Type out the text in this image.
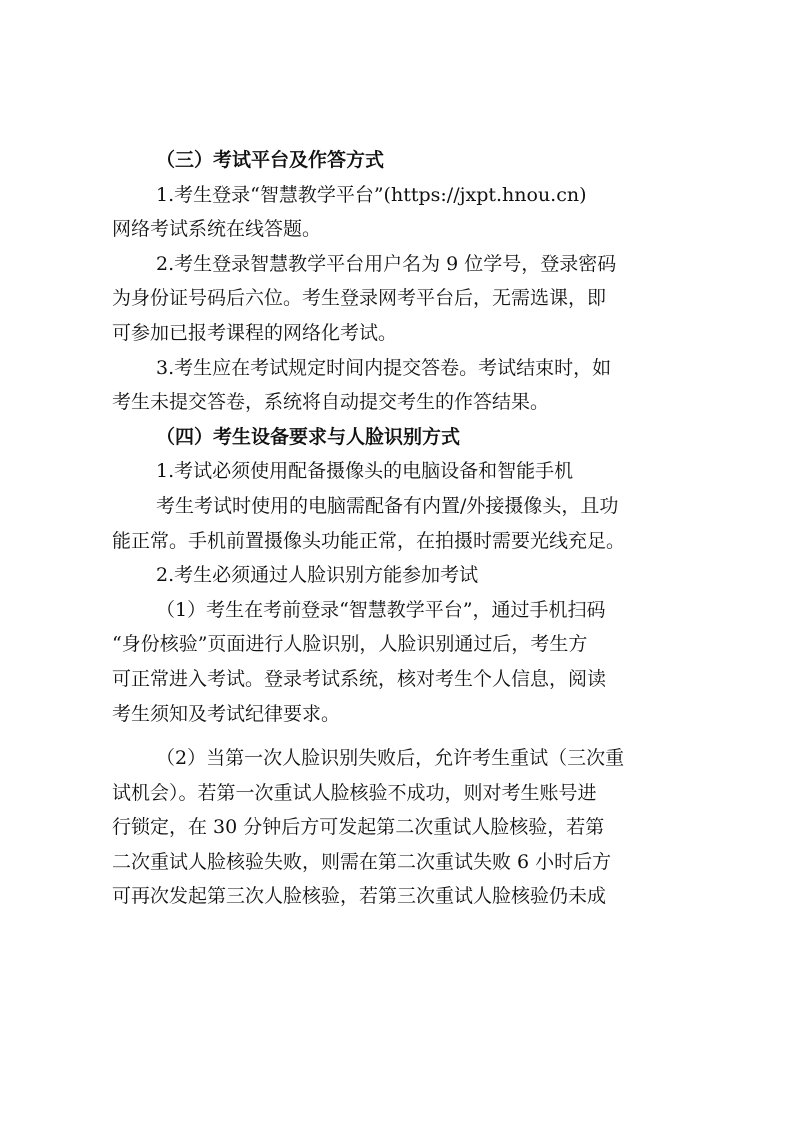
（三）考试平台及作答方式

1.考生登录“智慧教学平台”(https://jxpt.hnou.cn)

网络考试系统在线答题。

2.考生登录智慧教学平台用户名为 9 位学号，登录密码

为身份证号码后六位。考生登录网考平台后，无需选课，即

可参加已报考课程的网络化考试。

3.考生应在考试规定时间内提交答卷。考试结束时，如

考生未提交答卷，系统将自动提交考生的作答结果。

（四）考生设备要求与人脸识别方式

1.考试必须使用配备摄像头的电脑设备和智能手机

考生考试时使用的电脑需配备有内置/外接摄像头，且功

能正常。手机前置摄像头功能正常，在拍摄时需要光线充足。

2.考生必须通过人脸识别方能参加考试

（1）考生在考前登录“智慧教学平台”，通过手机扫码

“身份核验”页面进行人脸识别，人脸识别通过后，考生方

可正常进入考试。登录考试系统，核对考生个人信息，阅读

考生须知及考试纪律要求。

（2）当第一次人脸识别失败后，允许考生重试（三次重

试机会）。若第一次重试人脸核验不成功，则对考生账号进

行锁定，在 30 分钟后方可发起第二次重试人脸核验，若第

二次重试人脸核验失败，则需在第二次重试失败 6 小时后方

可再次发起第三次人脸核验，若第三次重试人脸核验仍未成
